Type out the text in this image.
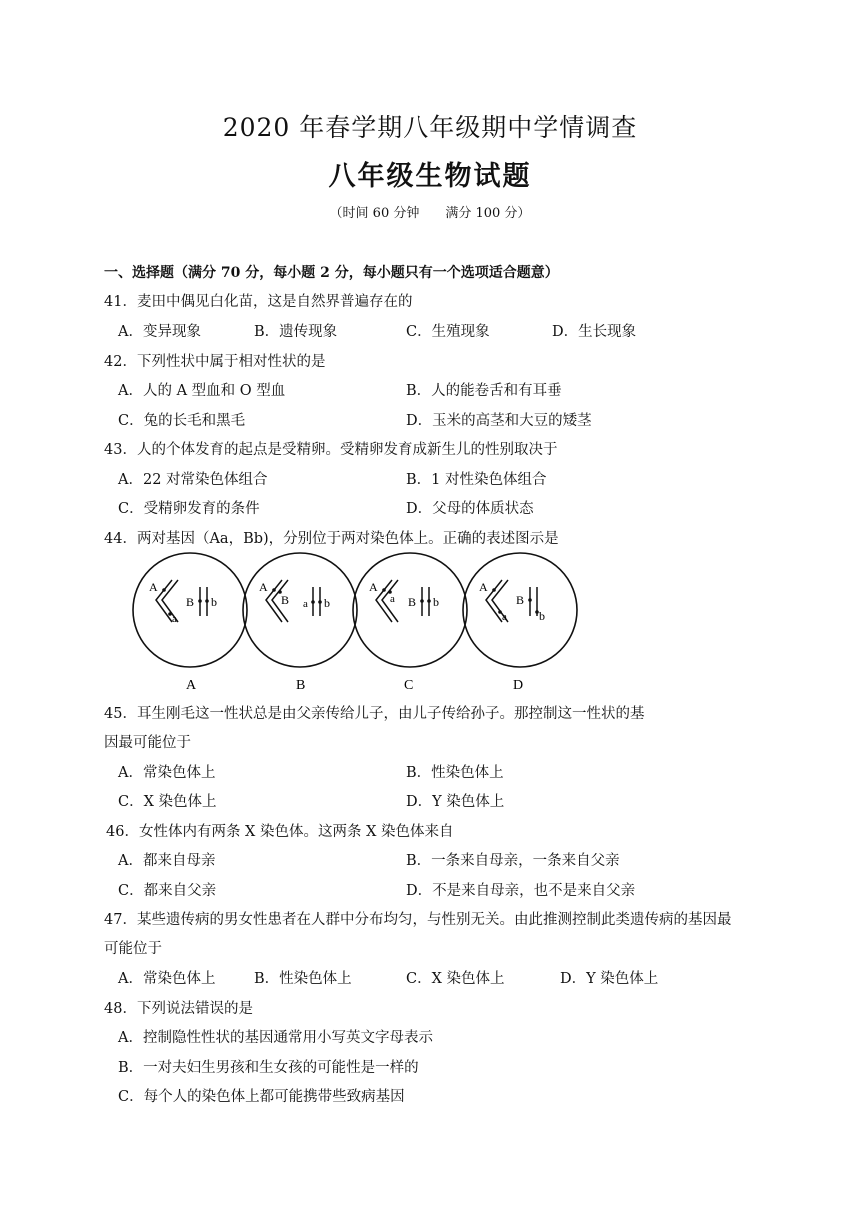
2020 年春学期八年级期中学情调查
八年级生物试题
（时间 60 分钟　　满分 100 分）
一、选择题（满分 70 分，每小题 2 分，每小题只有一个选项适合题意）
41．麦田中偶见白化苗，这是自然界普遍存在的
A．变异现象	B．遗传现象	C．生殖现象	D．生长现象
42．下列性状中属于相对性状的是
A．人的 A 型血和 O 型血	B．人的能卷舌和有耳垂
C．兔的长毛和黑毛	D．玉米的高茎和大豆的矮茎
43．人的个体发育的起点是受精卵。受精卵发育成新生儿的性别取决于
A．22 对常染色体组合	B．1 对性染色体组合
C．受精卵发育的条件	D．父母的体质状态
44．两对基因（Aa，Bb)，分别位于两对染色体上。正确的表述图示是
A
a
B b
A
B a b
A
a B b
A
a
B
b
A	B	C	D
45．耳生刚毛这一性状总是由父亲传给儿子，由儿子传给孙子。那控制这一性状的基
因最可能位于
A．常染色体上	B．性染色体上
C．X 染色体上	D．Y 染色体上
46．女性体内有两条 X 染色体。这两条 X 染色体来自
A．都来自母亲	B．一条来自母亲，一条来自父亲
C．都来自父亲	D．不是来自母亲，也不是来自父亲
47．某些遗传病的男女性患者在人群中分布均匀，与性别无关。由此推测控制此类遗传病的基因最
可能位于
A．常染色体上	B．性染色体上	C．X 染色体上	D．Y 染色体上
48．下列说法错误的是
A．控制隐性性状的基因通常用小写英文字母表示
B．一对夫妇生男孩和生女孩的可能性是一样的
C．每个人的染色体上都可能携带些致病基因
